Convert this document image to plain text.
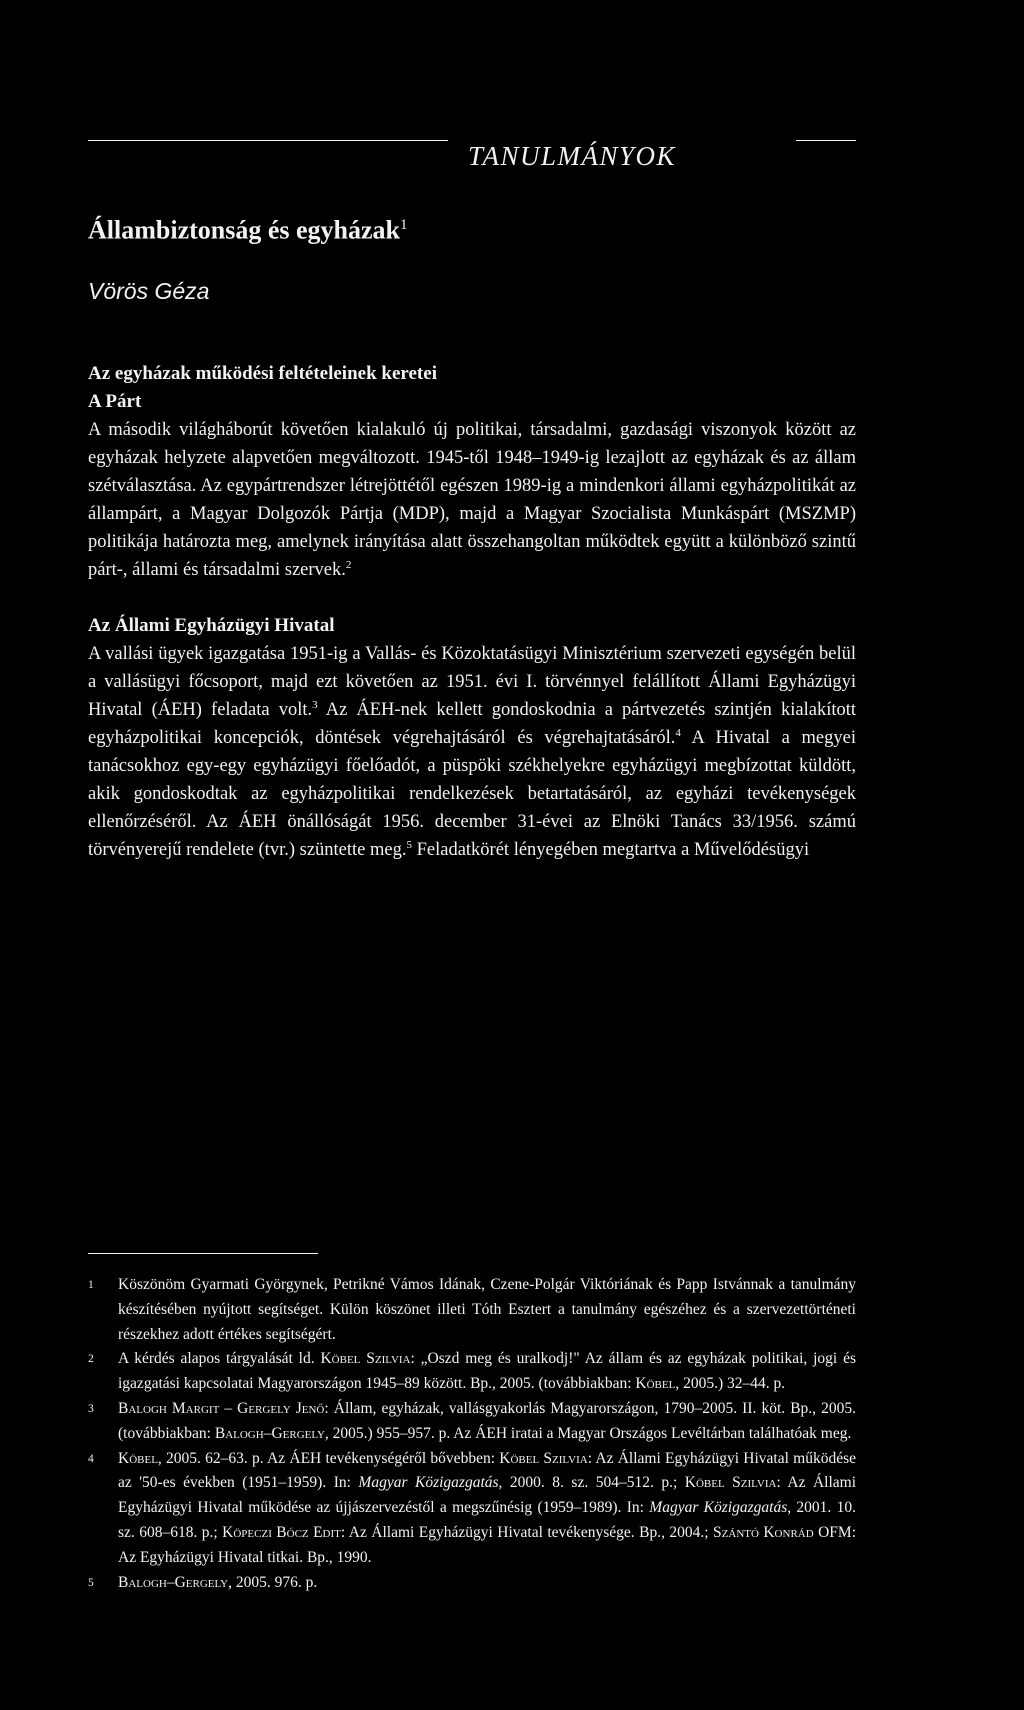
TANULMÁNYOK
Állambiztonság és egyházak$^1$
Vörös Géza
Az egyházak működési feltételeinek keretei
A Párt

A második világháborút követően kialakuló új politikai, társadalmi, gazdasági viszonyok között az egyházak helyzete alapvetően megváltozott. 1945-től 1948–1949-ig lezajlott az egyházak és az állam szétválasztása. Az egypártrendszer létrejöttétől egészen 1989-ig a mindenkori állami egyházpolitikát az állampárt, a Magyar Dolgozók Pártja (MDP), majd a Magyar Szocialista Munkáspárt (MSZMP) politikája határozta meg, amelynek irányítása alatt összehangoltan működtek együtt a különböző szintű párt-, állami és társadalmi szervek.$^2$

Az Állami Egyházügyi Hivatal

A vallási ügyek igazgatása 1951-ig a Vallás- és Közoktatásügyi Minisztérium szervezeti egységén belül a vallásügyi főcsoport, majd ezt követően az 1951. évi I. törvénnyel felállított Állami Egyházügyi Hivatal (ÁEH) feladata volt.$^3$ Az ÁEH-nek kellett gondoskodnia a pártvezetés szintjén kialakított egyházpolitikai koncepciók, döntések végrehajtásáról és végrehajtatásáról.$^4$ A Hivatal a megyei tanácsokhoz egy-egy egyházügyi főelőadót, a püspöki székhelyekre egyházügyi megbízottat küldött, akik gondoskodtak az egyházpolitikai rendelkezések betartatásáról, az egyházi tevékenységek ellenőrzéséről. Az ÁEH önállóságát 1956. december 31-évei az Elnöki Tanács 33/1956. számú törvényerejű rendelete (tvr.) szüntette meg.$^5$ Feladatkörét lényegében megtartva a Művelődésügyi

1 Köszönöm Gyarmati Györgynek, Petrikné Vámos Idának, Czene-Polgár Viktóriának és Papp Istvánnak a tanulmány készítésében nyújtott segítséget. Külön köszönet illeti Tóth Esztert a tanulmány egészéhez és a szervezettörténeti részekhez adott értékes segítségért.
2 A kérdés alapos tárgyalását ld. Köbel Szilvia: „Oszd meg és uralkodj!" Az állam és az egyházak politikai, jogi és igazgatási kapcsolatai Magyarországon 1945–89 között. Bp., 2005. (továbbiakban: Köbel, 2005.) 32–44. p.
3 Balogh Margit – Gergely Jenő: Állam, egyházak, vallásgyakorlás Magyarországon, 1790–2005. II. köt. Bp., 2005. (továbbiakban: Balogh–Gergely, 2005.) 955–957. p. Az ÁEH iratai a Magyar Országos Levéltárban találhatóak meg.
4 Köbel, 2005. 62–63. p. Az ÁEH tevékenységéről bővebben: Köbel Szilvia: Az Állami Egyházügyi Hivatal működése az '50-es években (1951–1959). In: Magyar Közigazgatás, 2000. 8. sz. 504–512. p.; Köbel Szilvia: Az Állami Egyházügyi Hivatal működése az újjászervezéstől a megszűnésig (1959–1989). In: Magyar Közigazgatás, 2001. 10. sz. 608–618. p.; Köpeczi Bócz Edit: Az Állami Egyházügyi Hivatal tevékenysége. Bp., 2004.; Szántó Konrád OFM: Az Egyházügyi Hivatal titkai. Bp., 1990.
5 Balogh–Gergely, 2005. 976. p.
